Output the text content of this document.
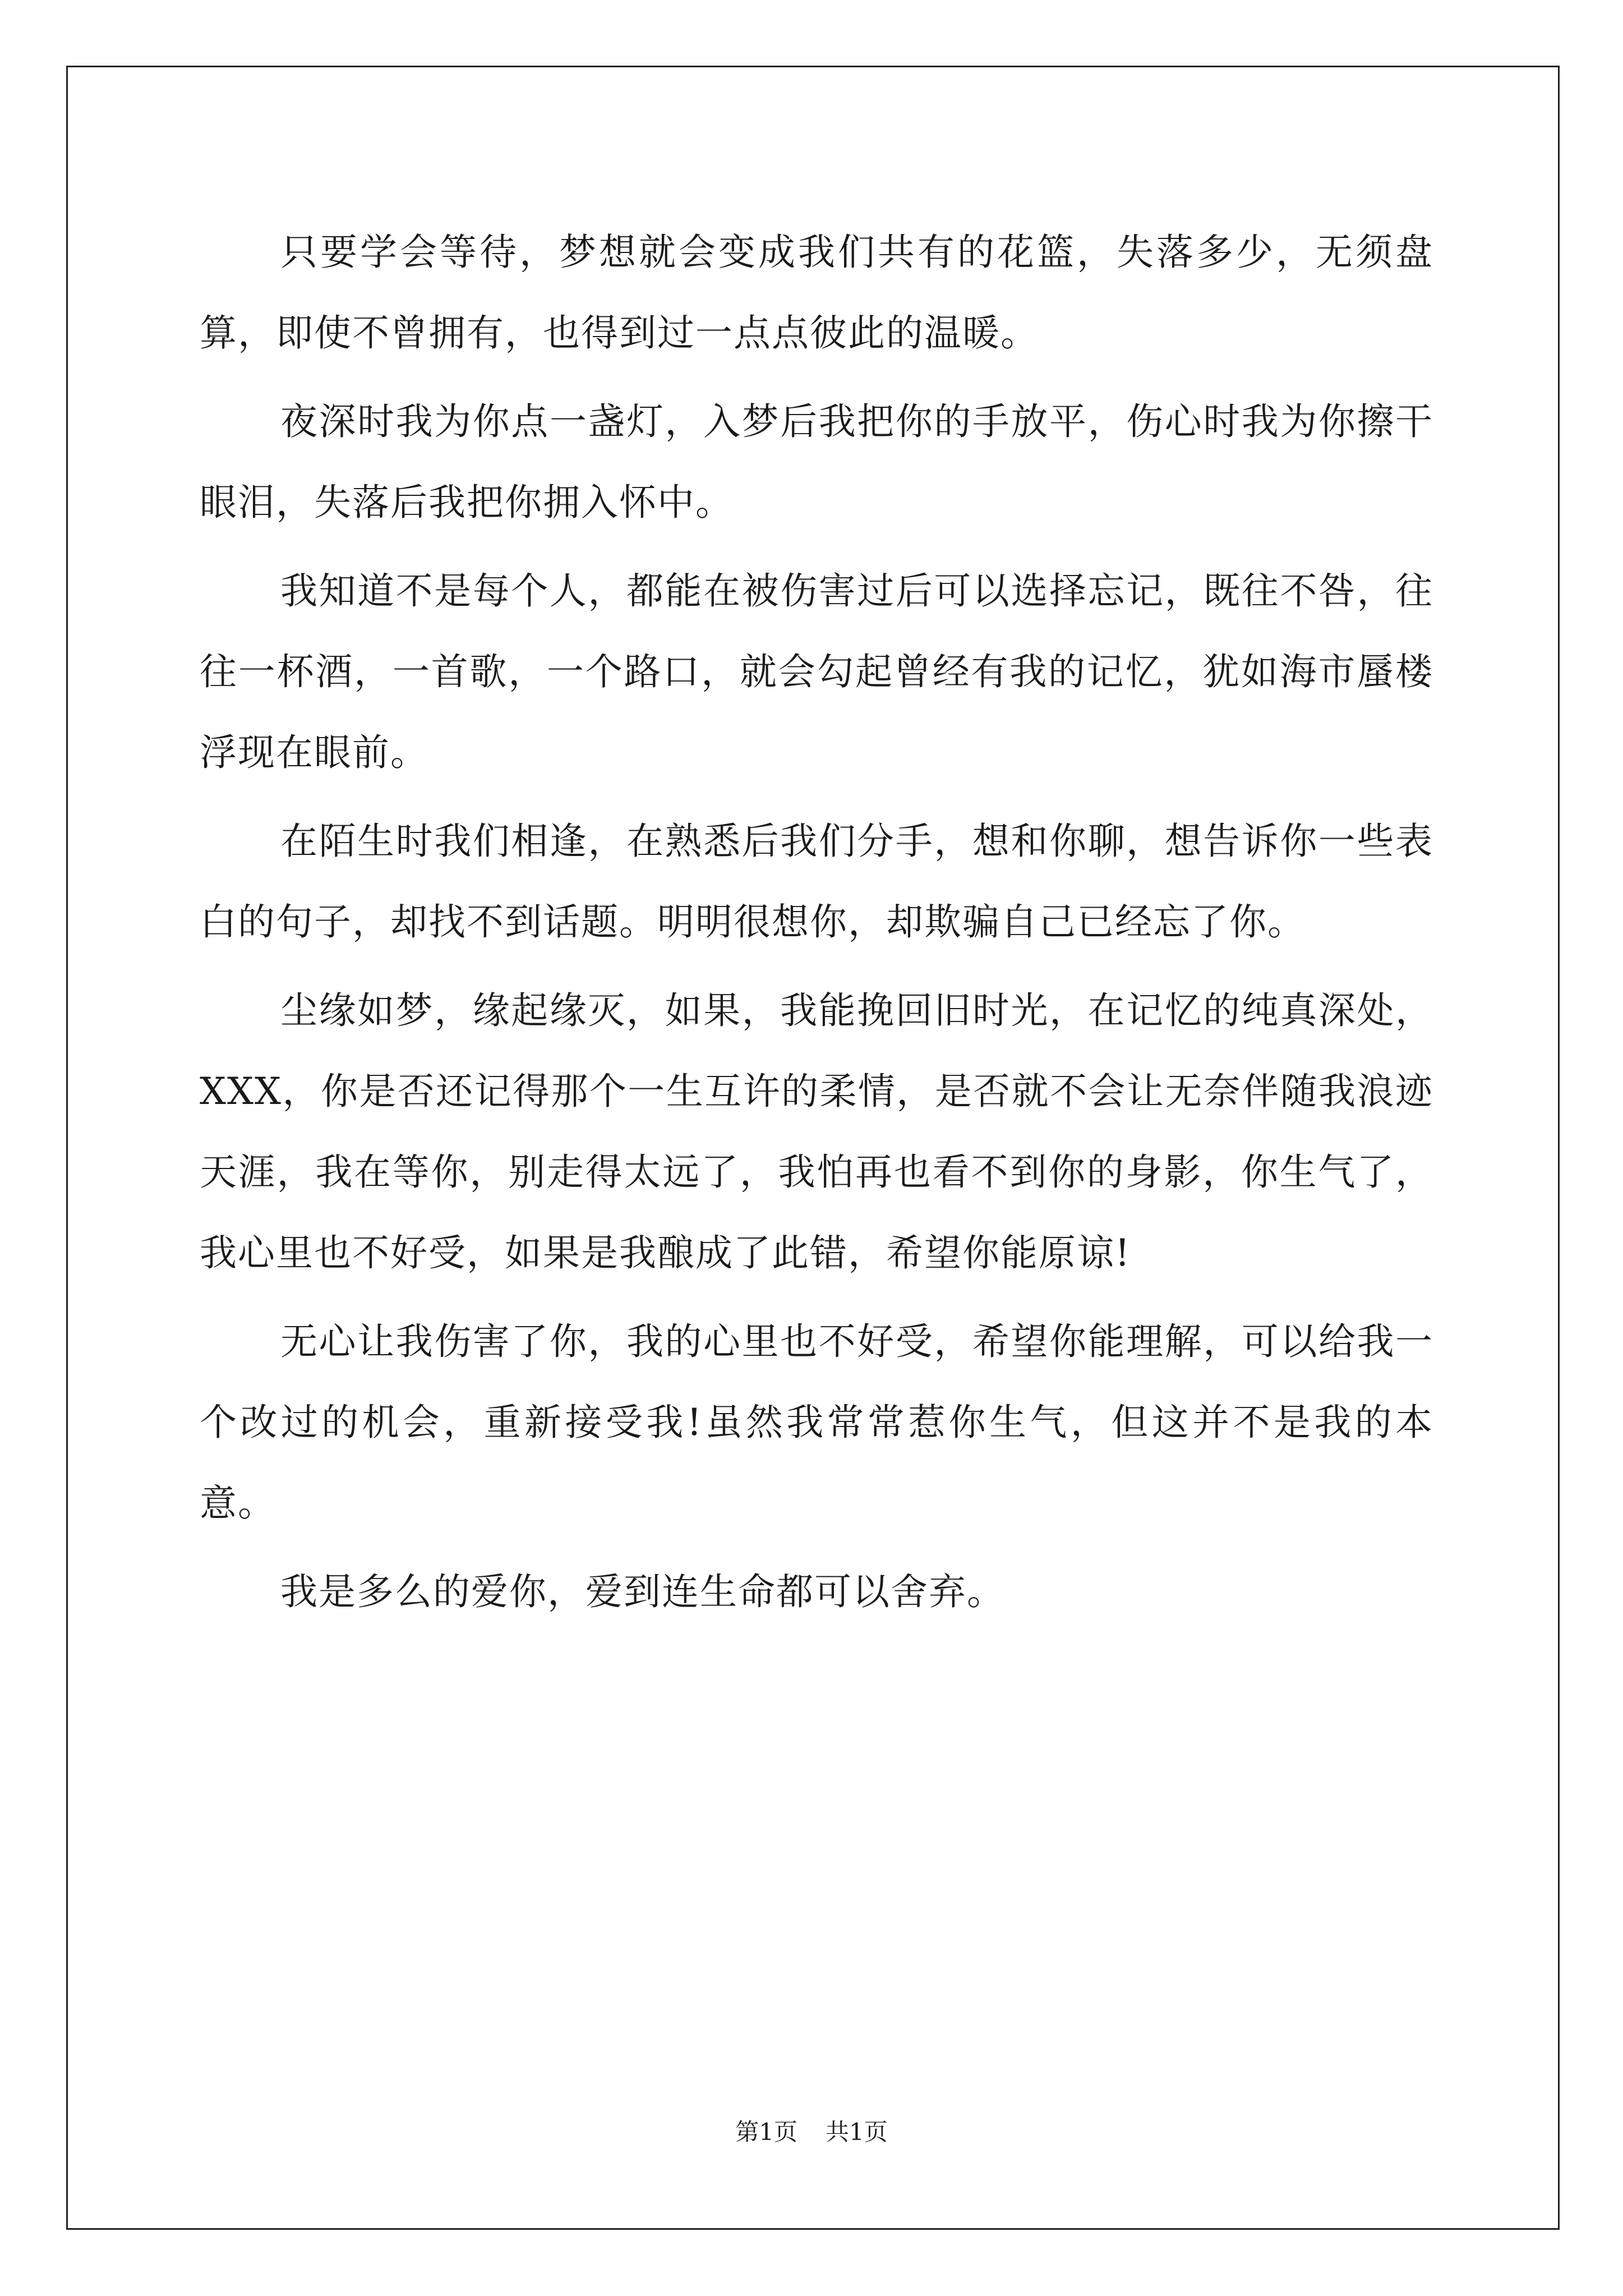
只要学会等待，梦想就会变成我们共有的花篮，失落多少，无须盘算，即使不曾拥有，也得到过一点点彼此的温暖。

夜深时我为你点一盏灯，入梦后我把你的手放平，伤心时我为你擦干眼泪，失落后我把你拥入怀中。

我知道不是每个人，都能在被伤害过后可以选择忘记，既往不咎，往往一杯酒，一首歌，一个路口，就会勾起曾经有我的记忆，犹如海市蜃楼浮现在眼前。

在陌生时我们相逢，在熟悉后我们分手，想和你聊，想告诉你一些表白的句子，却找不到话题。明明很想你，却欺骗自己已经忘了你。

尘缘如梦，缘起缘灭，如果，我能挽回旧时光，在记忆的纯真深处，XXX，你是否还记得那个一生互许的柔情，是否就不会让无奈伴随我浪迹天涯，我在等你，别走得太远了，我怕再也看不到你的身影，你生气了，我心里也不好受，如果是我酿成了此错，希望你能原谅!

无心让我伤害了你，我的心里也不好受，希望你能理解，可以给我一个改过的机会，重新接受我!虽然我常常惹你生气，但这并不是我的本意。

我是多么的爱你，爱到连生命都可以舍弃。

第1页 共1页
